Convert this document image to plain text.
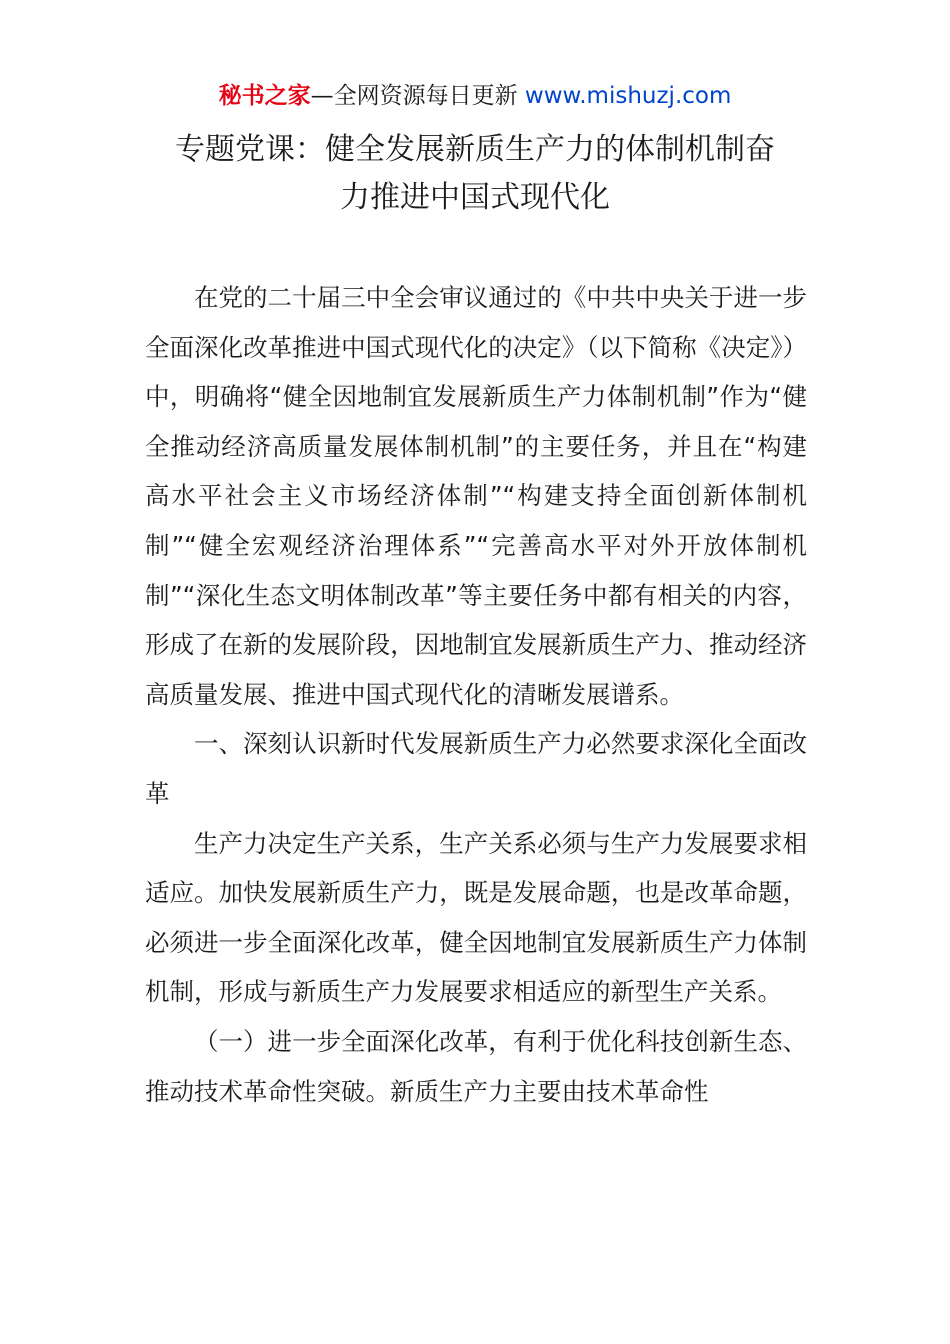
秘书之家—全网资源每日更新 www.mishuzj.com
专题党课：健全发展新质生产力的体制机制奋
力推进中国式现代化

在党的二十届三中全会审议通过的《中共中央关于进一步全面深化改革推进中国式现代化的决定》（以下简称《决定》）中，明确将“健全因地制宜发展新质生产力体制机制”作为“健全推动经济高质量发展体制机制”的主要任务，并且在“构建高水平社会主义市场经济体制”“构建支持全面创新体制机制”“健全宏观经济治理体系”“完善高水平对外开放体制机制”“深化生态文明体制改革”等主要任务中都有相关的内容，形成了在新的发展阶段，因地制宜发展新质生产力、推动经济高质量发展、推进中国式现代化的清晰发展谱系。

一、深刻认识新时代发展新质生产力必然要求深化全面改革

生产力决定生产关系，生产关系必须与生产力发展要求相适应。加快发展新质生产力，既是发展命题，也是改革命题，必须进一步全面深化改革，健全因地制宜发展新质生产力体制机制，形成与新质生产力发展要求相适应的新型生产关系。

（一）进一步全面深化改革，有利于优化科技创新生态、推动技术革命性突破。新质生产力主要由技术革命性
